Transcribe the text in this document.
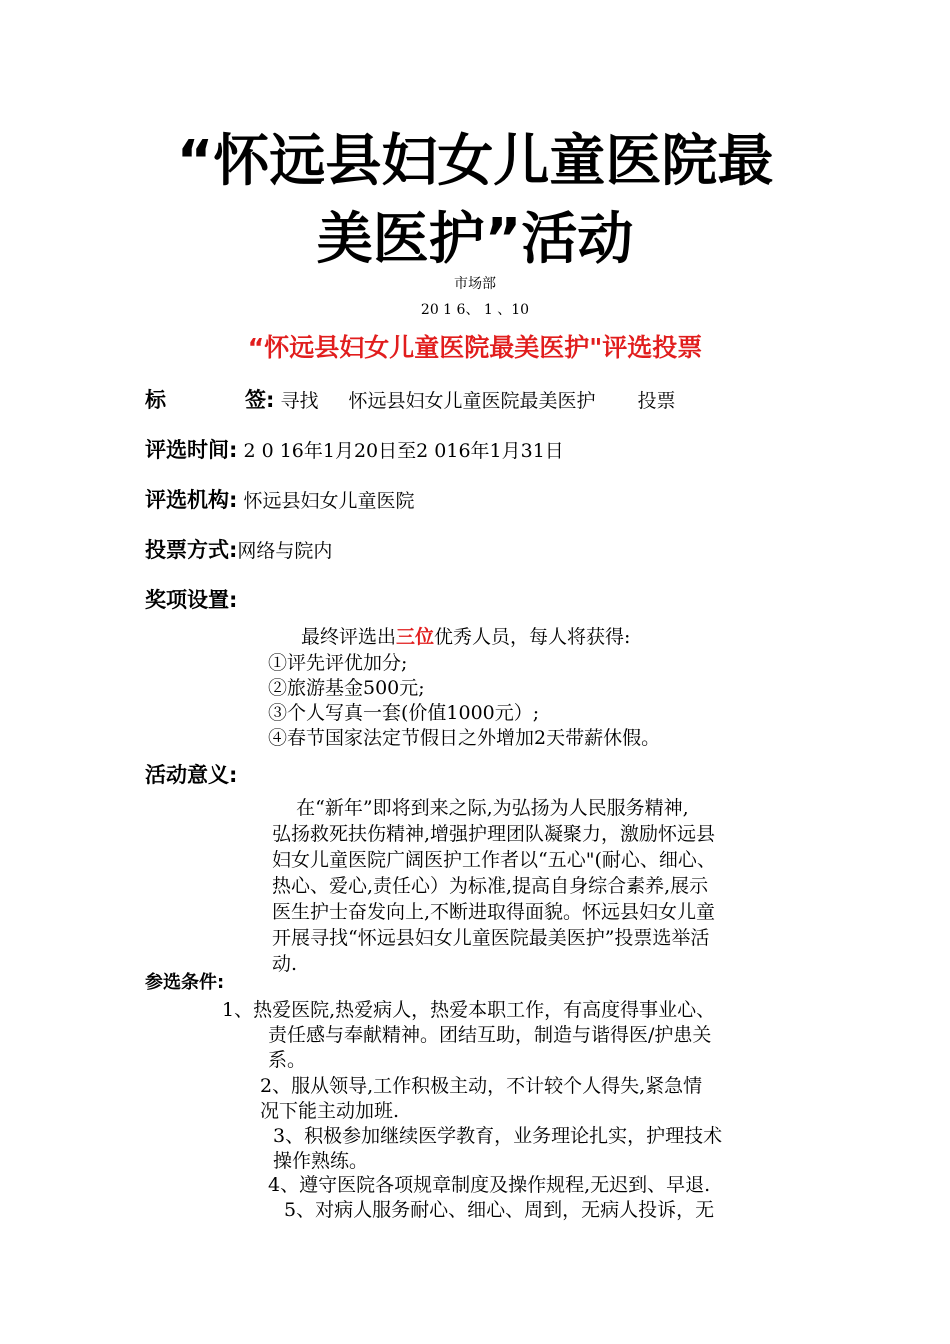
“怀远县妇女儿童医院最
美医护”活动
市场部
20 1 6、 1 、10
“怀远县妇女儿童医院最美医护"评选投票
标	签: 寻找 怀远县妇女儿童医院最美医护 投票
评选时间: 2 0 16年1月20日至2 016年1月31日
评选机构: 怀远县妇女儿童医院
投票方式:网络与院内
奖项设置:
最终评选出三位优秀人员，每人将获得:
①评先评优加分;
②旅游基金500元;
③个人写真一套(价值1000元）;
④春节国家法定节假日之外增加2天带薪休假。
活动意义:
在“新年”即将到来之际,为弘扬为人民服务精神,
弘扬救死扶伤精神,增强护理团队凝聚力，激励怀远县
妇女儿童医院广阔医护工作者以“五心"(耐心、细心、
热心、爱心,责任心）为标准,提高自身综合素养,展示
医生护士奋发向上,不断进取得面貌。怀远县妇女儿童
开展寻找“怀远县妇女儿童医院最美医护”投票选举活
动.
参选条件:
1、热爱医院,热爱病人，热爱本职工作，有高度得事业心、
责任感与奉献精神。团结互助，制造与谐得医/护患关
系。
2、服从领导,工作积极主动，不计较个人得失,紧急情
况下能主动加班.
3、积极参加继续医学教育，业务理论扎实，护理技术
操作熟练。
4、遵守医院各项规章制度及操作规程,无迟到、早退.
5、对病人服务耐心、细心、周到，无病人投诉，无
